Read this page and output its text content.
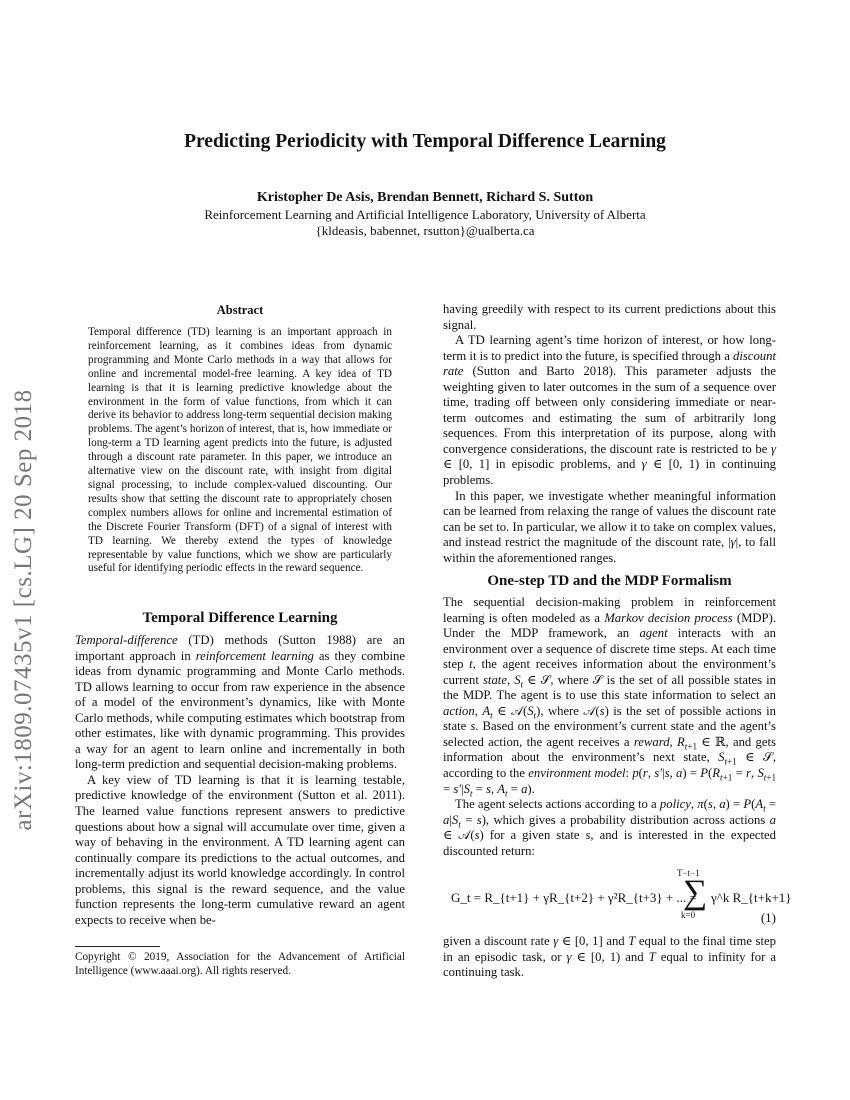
Predicting Periodicity with Temporal Difference Learning
Kristopher De Asis, Brendan Bennett, Richard S. Sutton
Reinforcement Learning and Artificial Intelligence Laboratory, University of Alberta
{kldeasis, babennet, rsutton}@ualberta.ca
arXiv:1809.07435v1 [cs.LG] 20 Sep 2018
Abstract
Temporal difference (TD) learning is an important approach in reinforcement learning, as it combines ideas from dynamic programming and Monte Carlo methods in a way that allows for online and incremental model-free learning. A key idea of TD learning is that it is learning predictive knowledge about the environment in the form of value functions, from which it can derive its behavior to address long-term sequential decision making problems. The agent’s horizon of interest, that is, how immediate or long-term a TD learning agent predicts into the future, is adjusted through a discount rate parameter. In this paper, we introduce an alternative view on the discount rate, with insight from digital signal processing, to include complex-valued discounting. Our results show that setting the discount rate to appropriately chosen complex numbers allows for online and incremental estimation of the Discrete Fourier Transform (DFT) of a signal of interest with TD learning. We thereby extend the types of knowledge representable by value functions, which we show are particularly useful for identifying periodic effects in the reward sequence.
Temporal Difference Learning

Temporal-difference (TD) methods (Sutton 1988) are an important approach in reinforcement learning as they combine ideas from dynamic programming and Monte Carlo methods. TD allows learning to occur from raw experience in the absence of a model of the environment’s dynamics, like with Monte Carlo methods, while computing estimates which bootstrap from other estimates, like with dynamic programming. This provides a way for an agent to learn online and incrementally in both long-term prediction and sequential decision-making problems.

A key view of TD learning is that it is learning testable, predictive knowledge of the environment (Sutton et al. 2011). The learned value functions represent answers to predictive questions about how a signal will accumulate over time, given a way of behaving in the environment. A TD learning agent can continually compare its predictions to the actual outcomes, and incrementally adjust its world knowledge accordingly. In control problems, this signal is the reward sequence, and the value function represents the long-term cumulative reward an agent expects to receive when be-

Copyright © 2019, Association for the Advancement of Artificial Intelligence (www.aaai.org). All rights reserved.

having greedily with respect to its current predictions about this signal.

A TD learning agent’s time horizon of interest, or how long-term it is to predict into the future, is specified through a discount rate (Sutton and Barto 2018). This parameter adjusts the weighting given to later outcomes in the sum of a sequence over time, trading off between only considering immediate or near-term outcomes and estimating the sum of arbitrarily long sequences. From this interpretation of its purpose, along with convergence considerations, the discount rate is restricted to be γ ∈ [0, 1] in episodic problems, and γ ∈ [0, 1) in continuing problems.

In this paper, we investigate whether meaningful information can be learned from relaxing the range of values the discount rate can be set to. In particular, we allow it to take on complex values, and instead restrict the magnitude of the discount rate, |γ|, to fall within the aforementioned ranges.

One-step TD and the MDP Formalism

The sequential decision-making problem in reinforcement learning is often modeled as a Markov decision process (MDP). Under the MDP framework, an agent interacts with an environment over a sequence of discrete time steps. At each time step t, the agent receives information about the environment’s current state, $S_t$ ∈ 𝒮, where 𝒮 is the set of all possible states in the MDP. The agent is to use this state information to select an action, $A_t$ ∈ $𝒜(S_t)$, where 𝒜(s) is the set of possible actions in state s. Based on the environment’s current state and the agent’s selected action, the agent receives a reward, $R_{t+1}$ ∈ ℝ, and gets information about the environment’s next state, $S_{t+1}$ ∈ 𝒮, according to the environment model: p(r, s′|s, $a) = P(R_{t+1} = r$, $S_{t+1} = s'|S_t = s$, $A_t = a$).

The agent selects actions according to a policy, π(s, $a) = P(A_t = a|S_t = s)$, which gives a probability distribution across actions a ∈ 𝒜(s) for a given state s, and is interested in the expected discounted return:

G_t = R_{t+1} + γR_{t+2} + γ²R_{t+3} + ... =
T−t−1
∑
k=0
γ^k R_{t+k+1}
(1)

given a discount rate γ ∈ [0, 1] and T equal to the final time step in an episodic task, or γ ∈ [0, 1) and T equal to infinity for a continuing task.
